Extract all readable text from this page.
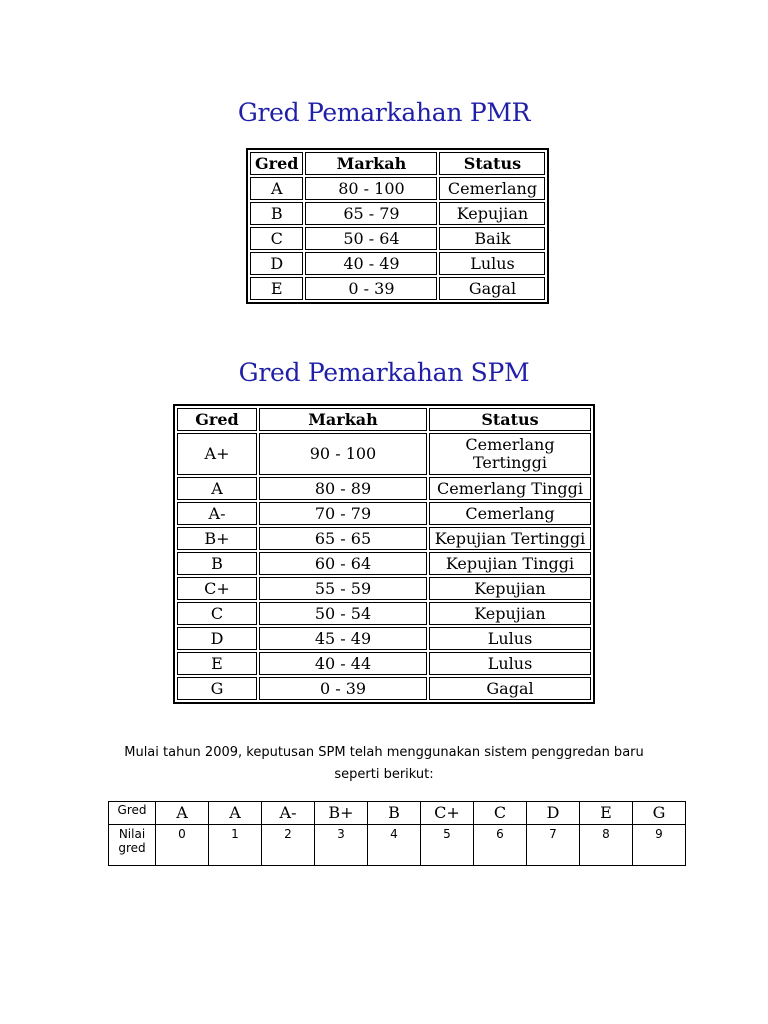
Gred Pemarkahan PMR
Gred	Markah	Status
A	80 - 100	Cemerlang
B	65 - 79	Kepujian
C	50 - 64	Baik
D	40 - 49	Lulus
E	0 - 39	Gagal
Gred Pemarkahan SPM
Gred	Markah	Status
A+	90 - 100	Cemerlang Tertinggi
A	80 - 89	Cemerlang Tinggi
A-	70 - 79	Cemerlang
B+	65 - 65	Kepujian Tertinggi
B	60 - 64	Kepujian Tinggi
C+	55 - 59	Kepujian
C	50 - 54	Kepujian
D	45 - 49	Lulus
E	40 - 44	Lulus
G	0 - 39	Gagal
Mulai tahun 2009, keputusan SPM telah menggunakan sistem penggredan baru
seperti berikut:
Gred	A	A	A-	B+	B	C+	C	D	E	G
Nilai gred	0	1	2	3	4	5	6	7	8	9
